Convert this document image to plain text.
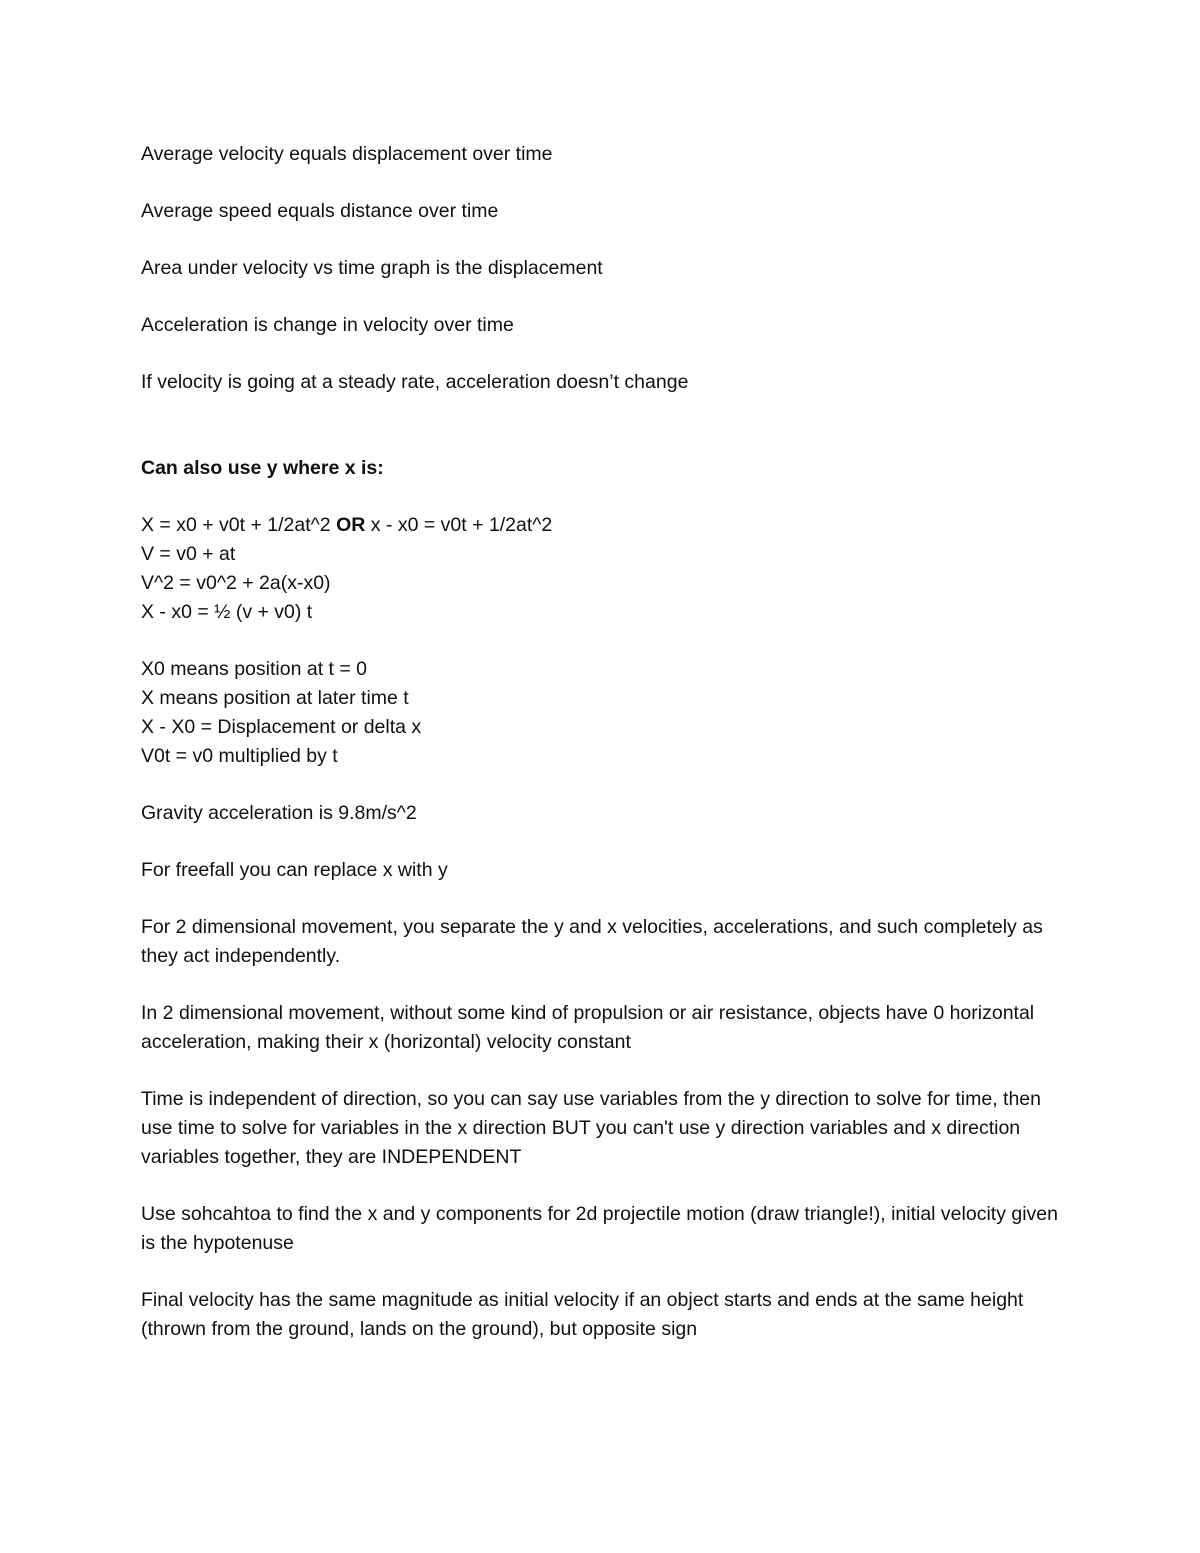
Average velocity equals displacement over time

Average speed equals distance over time

Area under velocity vs time graph is the displacement

Acceleration is change in velocity over time

If velocity is going at a steady rate, acceleration doesn’t change

Can also use y where x is:

X = x0 + v0t + 1/2at^2 OR x - x0 = v0t + 1/2at^2
V = v0 + at
V^2 = v0^2 + 2a(x-x0)
X - x0 = ½ (v + v0) t
X0 means position at t = 0
X means position at later time t
X - X0 = Displacement or delta x
V0t = v0 multiplied by t

Gravity acceleration is 9.8m/s^2

For freefall you can replace x with y

For 2 dimensional movement, you separate the y and x velocities, accelerations, and such completely as they act independently.

In 2 dimensional movement, without some kind of propulsion or air resistance, objects have 0 horizontal acceleration, making their x (horizontal) velocity constant

Time is independent of direction, so you can say use variables from the y direction to solve for time, then use time to solve for variables in the x direction BUT you can't use y direction variables and x direction variables together, they are INDEPENDENT

Use sohcahtoa to find the x and y components for 2d projectile motion (draw triangle!), initial velocity given is the hypotenuse

Final velocity has the same magnitude as initial velocity if an object starts and ends at the same height (thrown from the ground, lands on the ground), but opposite sign
